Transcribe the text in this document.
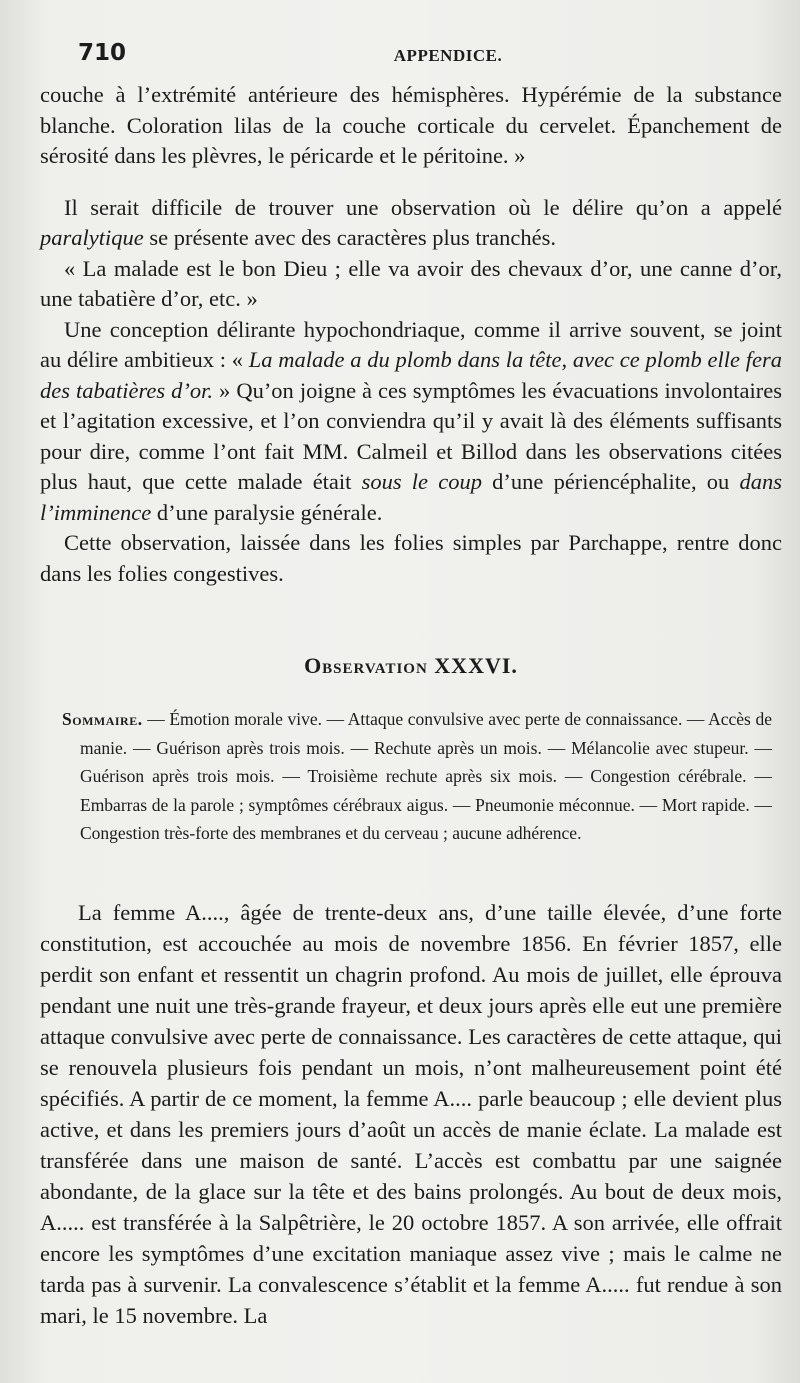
710	APPENDICE.

couche à l’extrémité antérieure des hémisphères. Hypérémie de la substance blanche. Coloration lilas de la couche corticale du cervelet. Épanchement de sérosité dans les plèvres, le péricarde et le péritoine. »

Il serait difficile de trouver une observation où le délire qu’on a appelé paralytique se présente avec des caractères plus tranchés.

« La malade est le bon Dieu ; elle va avoir des chevaux d’or, une canne d’or, une tabatière d’or, etc. »

Une conception délirante hypochondriaque, comme il arrive souvent, se joint au délire ambitieux : « La malade a du plomb dans la tête, avec ce plomb elle fera des tabatières d’or. » Qu’on joigne à ces symptômes les évacuations involontaires et l’agitation excessive, et l’on conviendra qu’il y avait là des éléments suffisants pour dire, comme l’ont fait MM. Calmeil et Billod dans les observations citées plus haut, que cette malade était sous le coup d’une périencéphalite, ou dans l’imminence d’une paralysie générale.

Cette observation, laissée dans les folies simples par Parchappe, rentre donc dans les folies congestives.

Observation XXXVI.

Sommaire. — Émotion morale vive. — Attaque convulsive avec perte de connaissance. — Accès de manie. — Guérison après trois mois. — Rechute après un mois. — Mélancolie avec stupeur. — Guérison après trois mois. — Troisième rechute après six mois. — Congestion cérébrale. — Embarras de la parole ; symptômes cérébraux aigus. — Pneumonie méconnue. — Mort rapide. — Congestion très-forte des membranes et du cerveau ; aucune adhérence.

La femme A...., âgée de trente-deux ans, d’une taille élevée, d’une forte constitution, est accouchée au mois de novembre 1856. En février 1857, elle perdit son enfant et ressentit un chagrin profond. Au mois de juillet, elle éprouva pendant une nuit une très-grande frayeur, et deux jours après elle eut une première attaque convulsive avec perte de connaissance. Les caractères de cette attaque, qui se renouvela plusieurs fois pendant un mois, n’ont malheureusement point été spécifiés. A partir de ce moment, la femme A.... parle beaucoup ; elle devient plus active, et dans les premiers jours d’août un accès de manie éclate. La malade est transférée dans une maison de santé. L’accès est combattu par une saignée abondante, de la glace sur la tête et des bains prolongés. Au bout de deux mois, A..... est transférée à la Salpêtrière, le 20 octobre 1857. A son arrivée, elle offrait encore les symptômes d’une excitation maniaque assez vive ; mais le calme ne tarda pas à survenir. La convalescence s’établit et la femme A..... fut rendue à son mari, le 15 novembre. La
